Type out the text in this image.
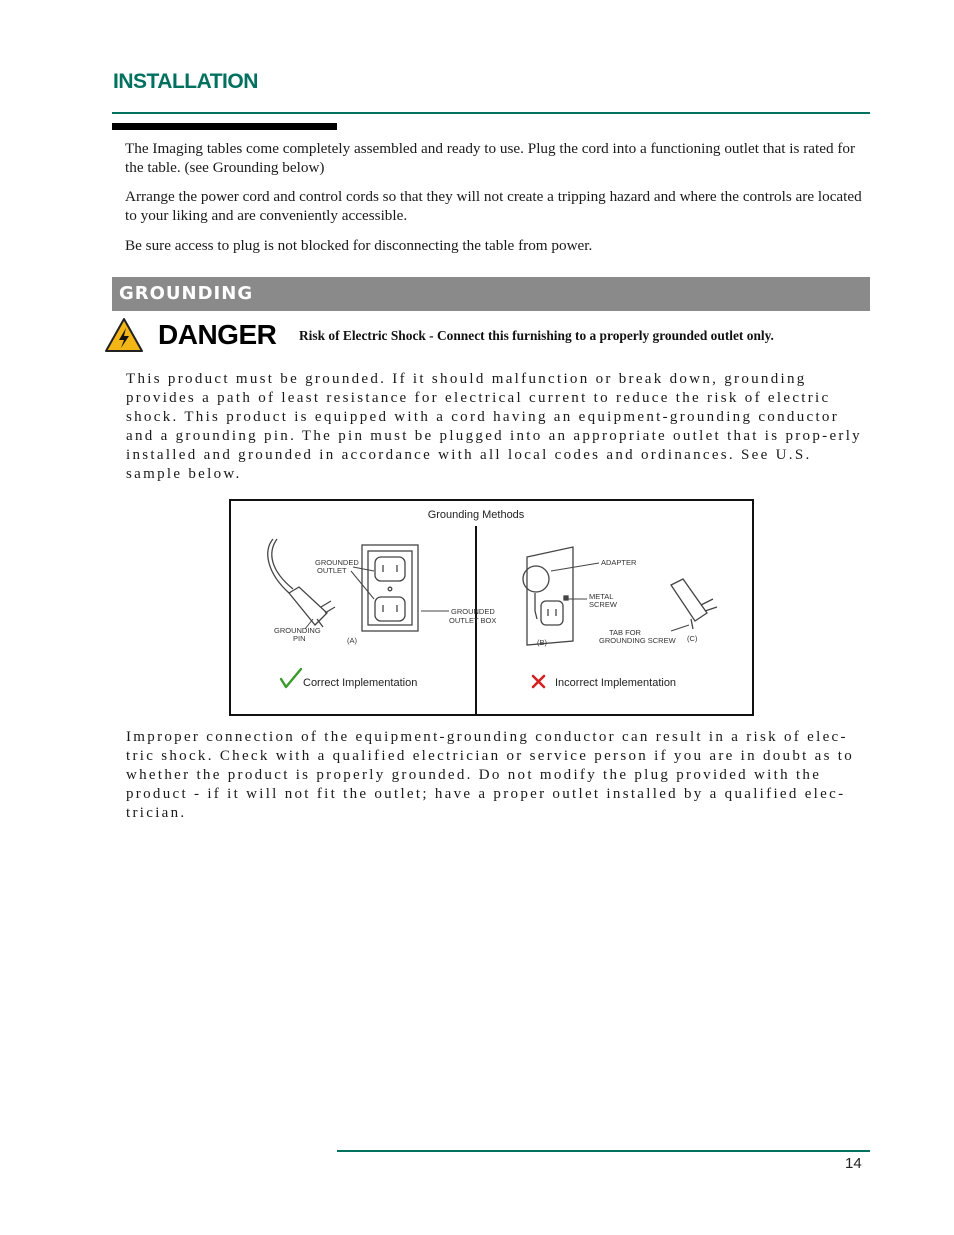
INSTALLATION
The Imaging tables come completely assembled and ready to use. Plug the cord into a functioning outlet that is rated for the table. (see Grounding below)
Arrange the power cord and control cords so that they will not create a tripping hazard and where the controls are located to your liking and are conveniently accessible.
Be sure access to plug is not blocked for disconnecting the table from power.
GROUNDING
DANGER Risk of Electric Shock - Connect this furnishing to a properly grounded outlet only.
This product must be grounded. If it should malfunction or break down, grounding provides a path of least resistance for electrical current to reduce the risk of electric shock. This product is equipped with a cord having an equipment-grounding conductor and a grounding pin. The pin must be plugged into an appropriate outlet that is prop-erly installed and grounded in accordance with all local codes and ordinances. See U.S. sample below.
Grounding Methods
GROUNDED
OUTLET
GROUNDING
PIN	(A)
GROUNDED
OUTLET BOX
ADAPTER
METAL
SCREW
(B)
TAB FOR
GROUNDING SCREW (C)
Correct Implementation	Incorrect Implementation
Improper connection of the equipment-grounding conductor can result in a risk of elec-tric shock. Check with a qualified electrician or service person if you are in doubt as to whether the product is properly grounded. Do not modify the plug provided with the product - if it will not fit the outlet; have a proper outlet installed by a qualified elec-trician.
14
